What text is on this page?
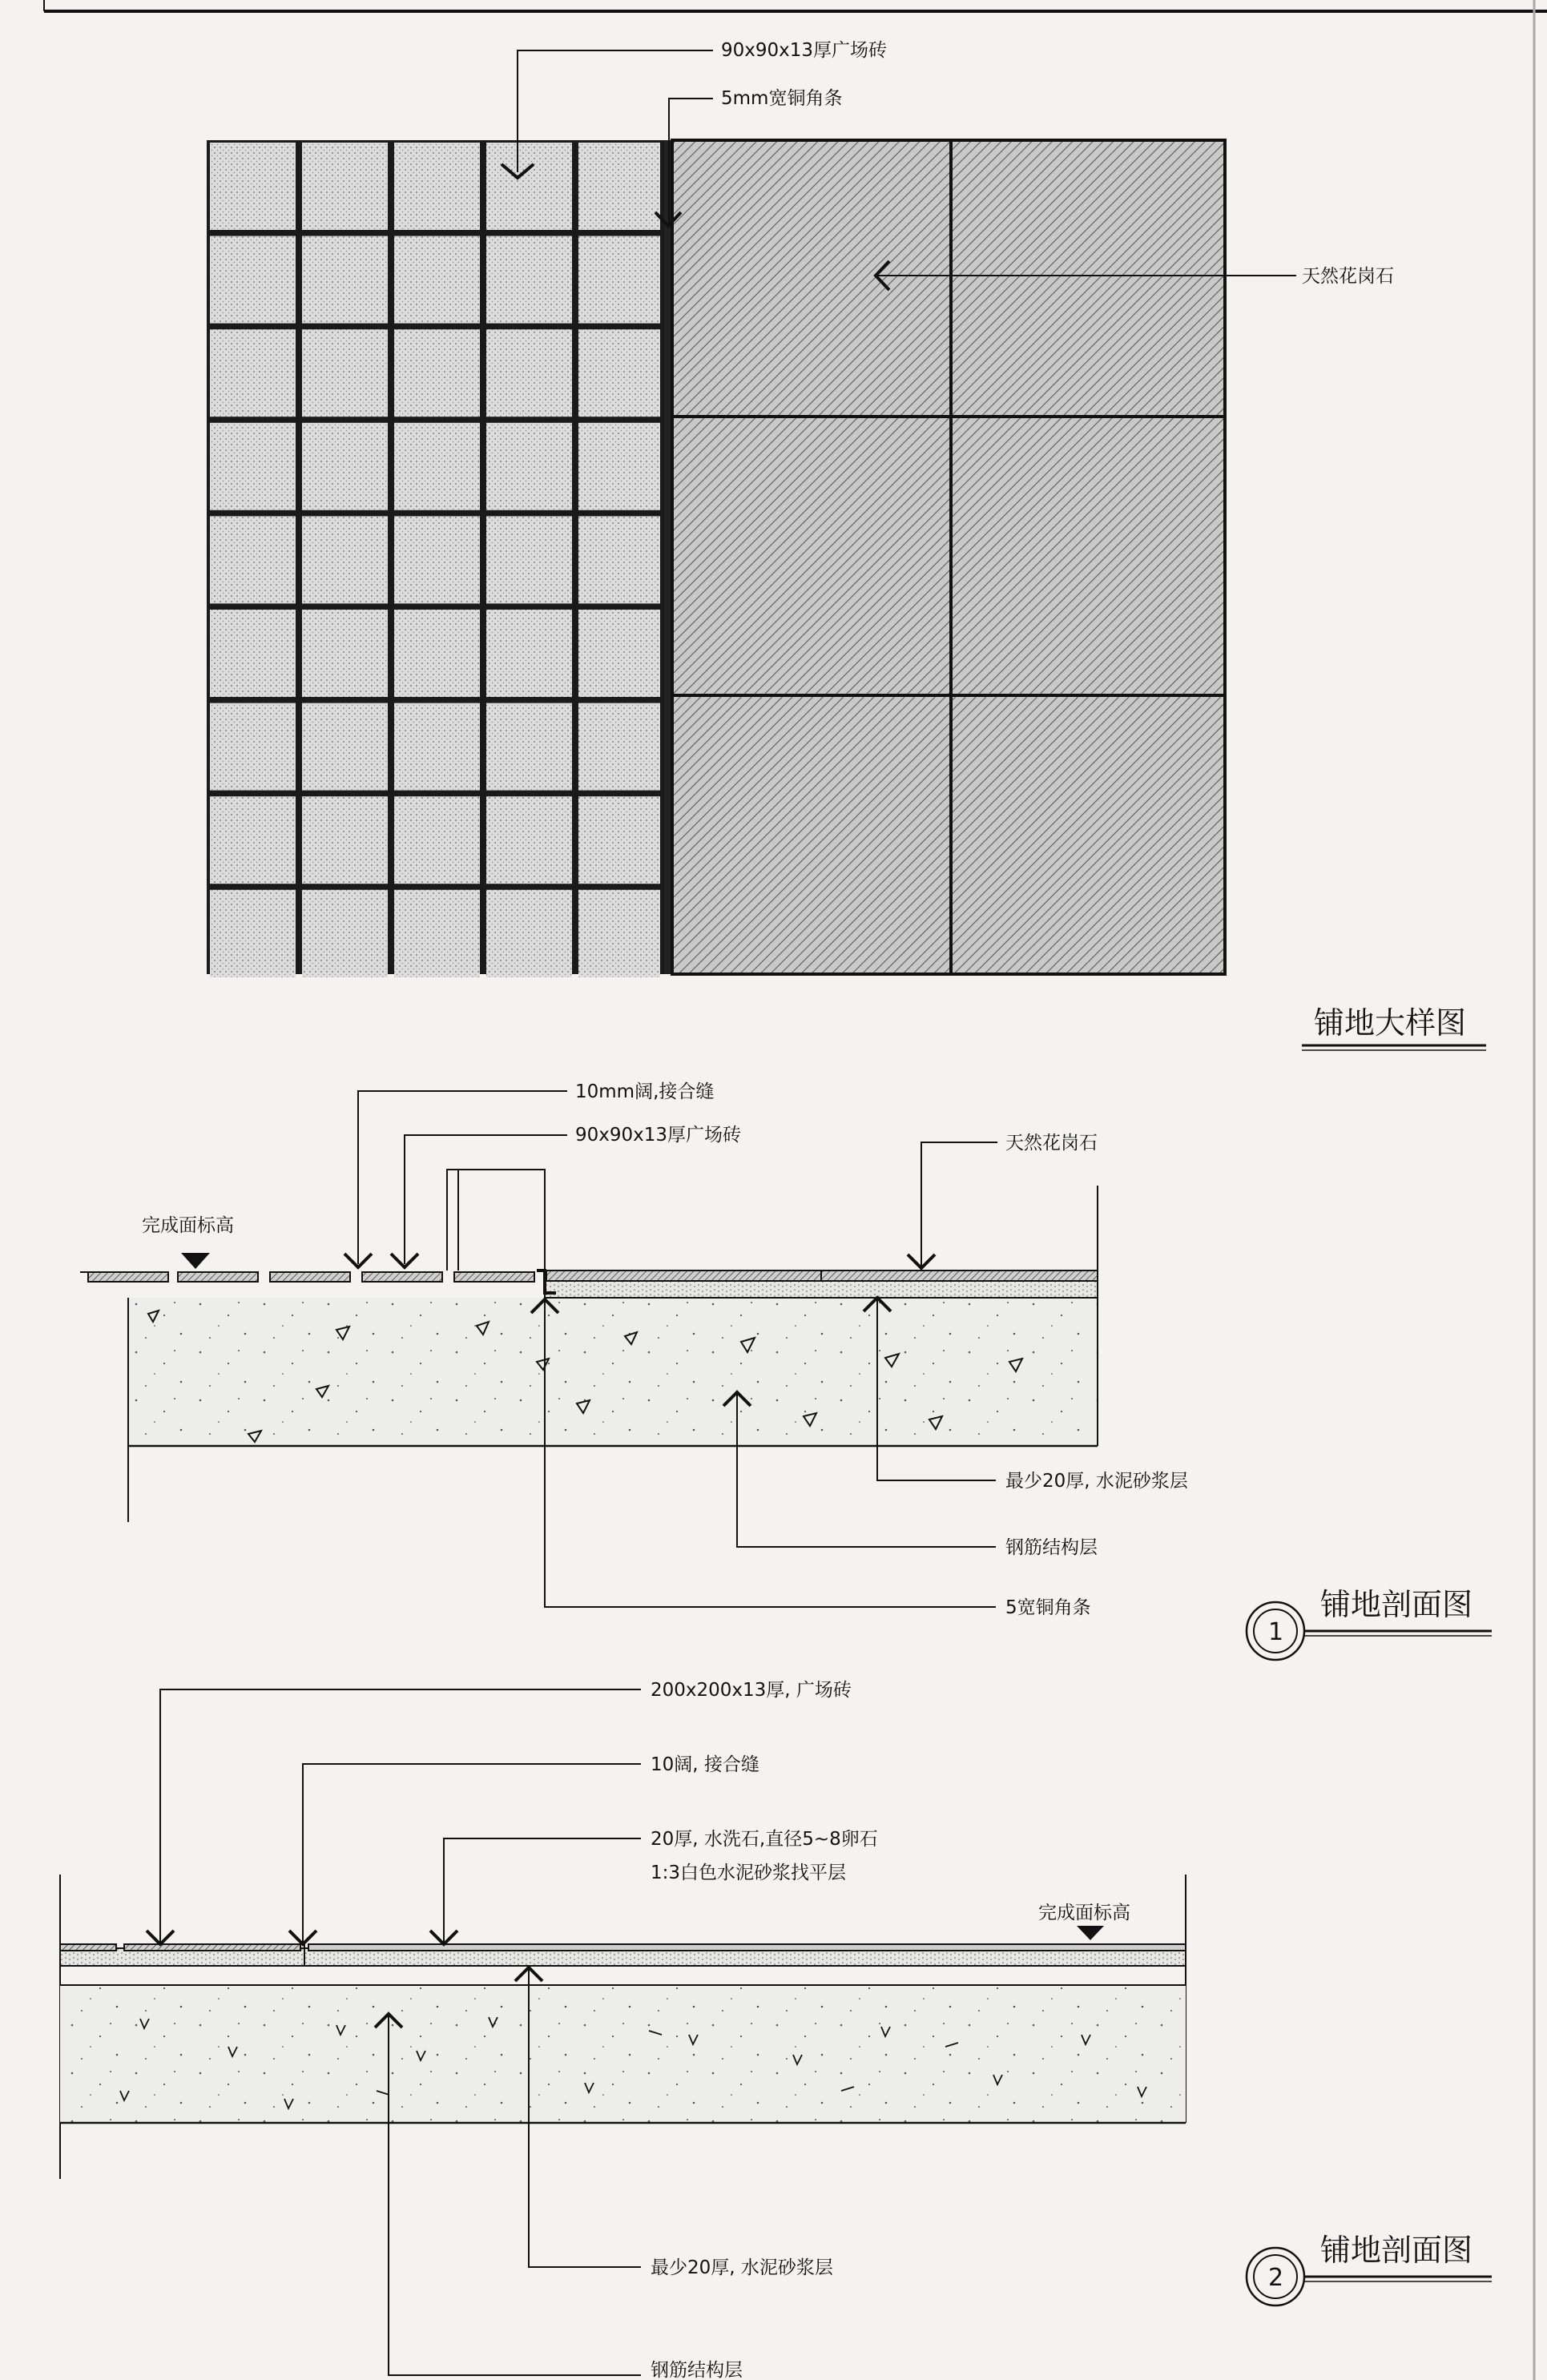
90x90x13厚广场砖
5mm宽铜角条
天然花岗石
铺地大样图
完成面标高
10mm阔,接合缝
90x90x13厚广场砖	天然花岗石
最少20厚, 水泥砂浆层
钢筋结构层
5宽铜角条
1
铺地剖面图
完成面标高
200x200x13厚, 广场砖
10阔, 接合缝
20厚, 水洗石,直径5~8卵石
1:3白色水泥砂浆找平层
最少20厚, 水泥砂浆层
钢筋结构层
2
铺地剖面图
